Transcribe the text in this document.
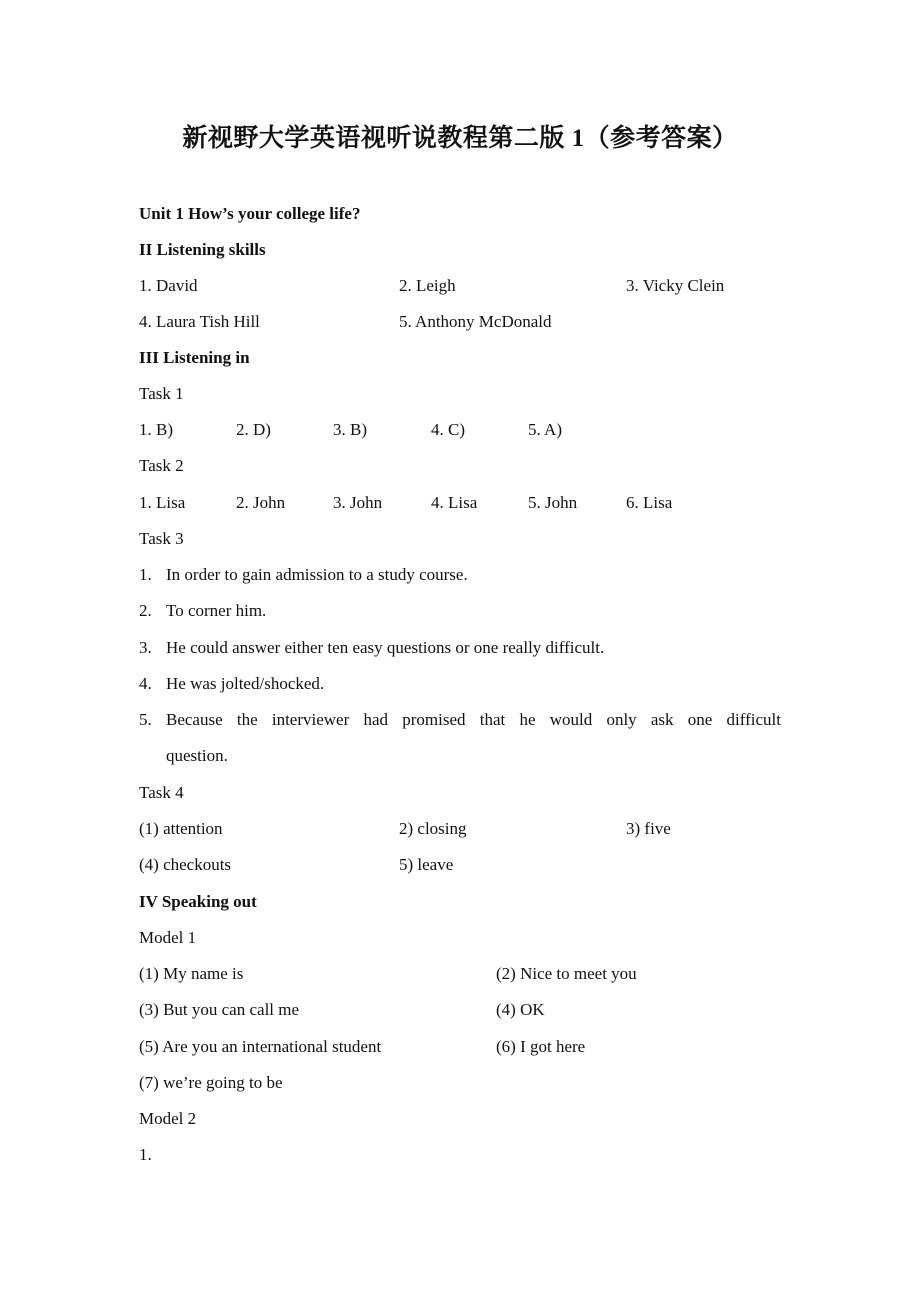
新视野大学英语视听说教程第二版 1（参考答案）
Unit 1 How’s your college life?
II Listening skills
1. David	2. Leigh	3. Vicky Clein
4. Laura Tish Hill	5. Anthony McDonald
III Listening in
Task 1
1. B)	2. D)	3. B)	4. C)	5. A)
Task 2
1. Lisa	2. John	3. John	4. Lisa	5. John	6. Lisa
Task 3
1. In order to gain admission to a study course.
2. To corner him.
3. He could answer either ten easy questions or one really difficult.
4. He was jolted/shocked.
5. Because the interviewer had promised that he would only ask one difficult
question.
Task 4
(1) attention	2) closing	3) five
(4) checkouts	5) leave
IV Speaking out
Model 1
(1) My name is	(2) Nice to meet you
(3) But you can call me	(4) OK
(5) Are you an international student	(6) I got here
(7) we’re going to be
Model 2
1.
